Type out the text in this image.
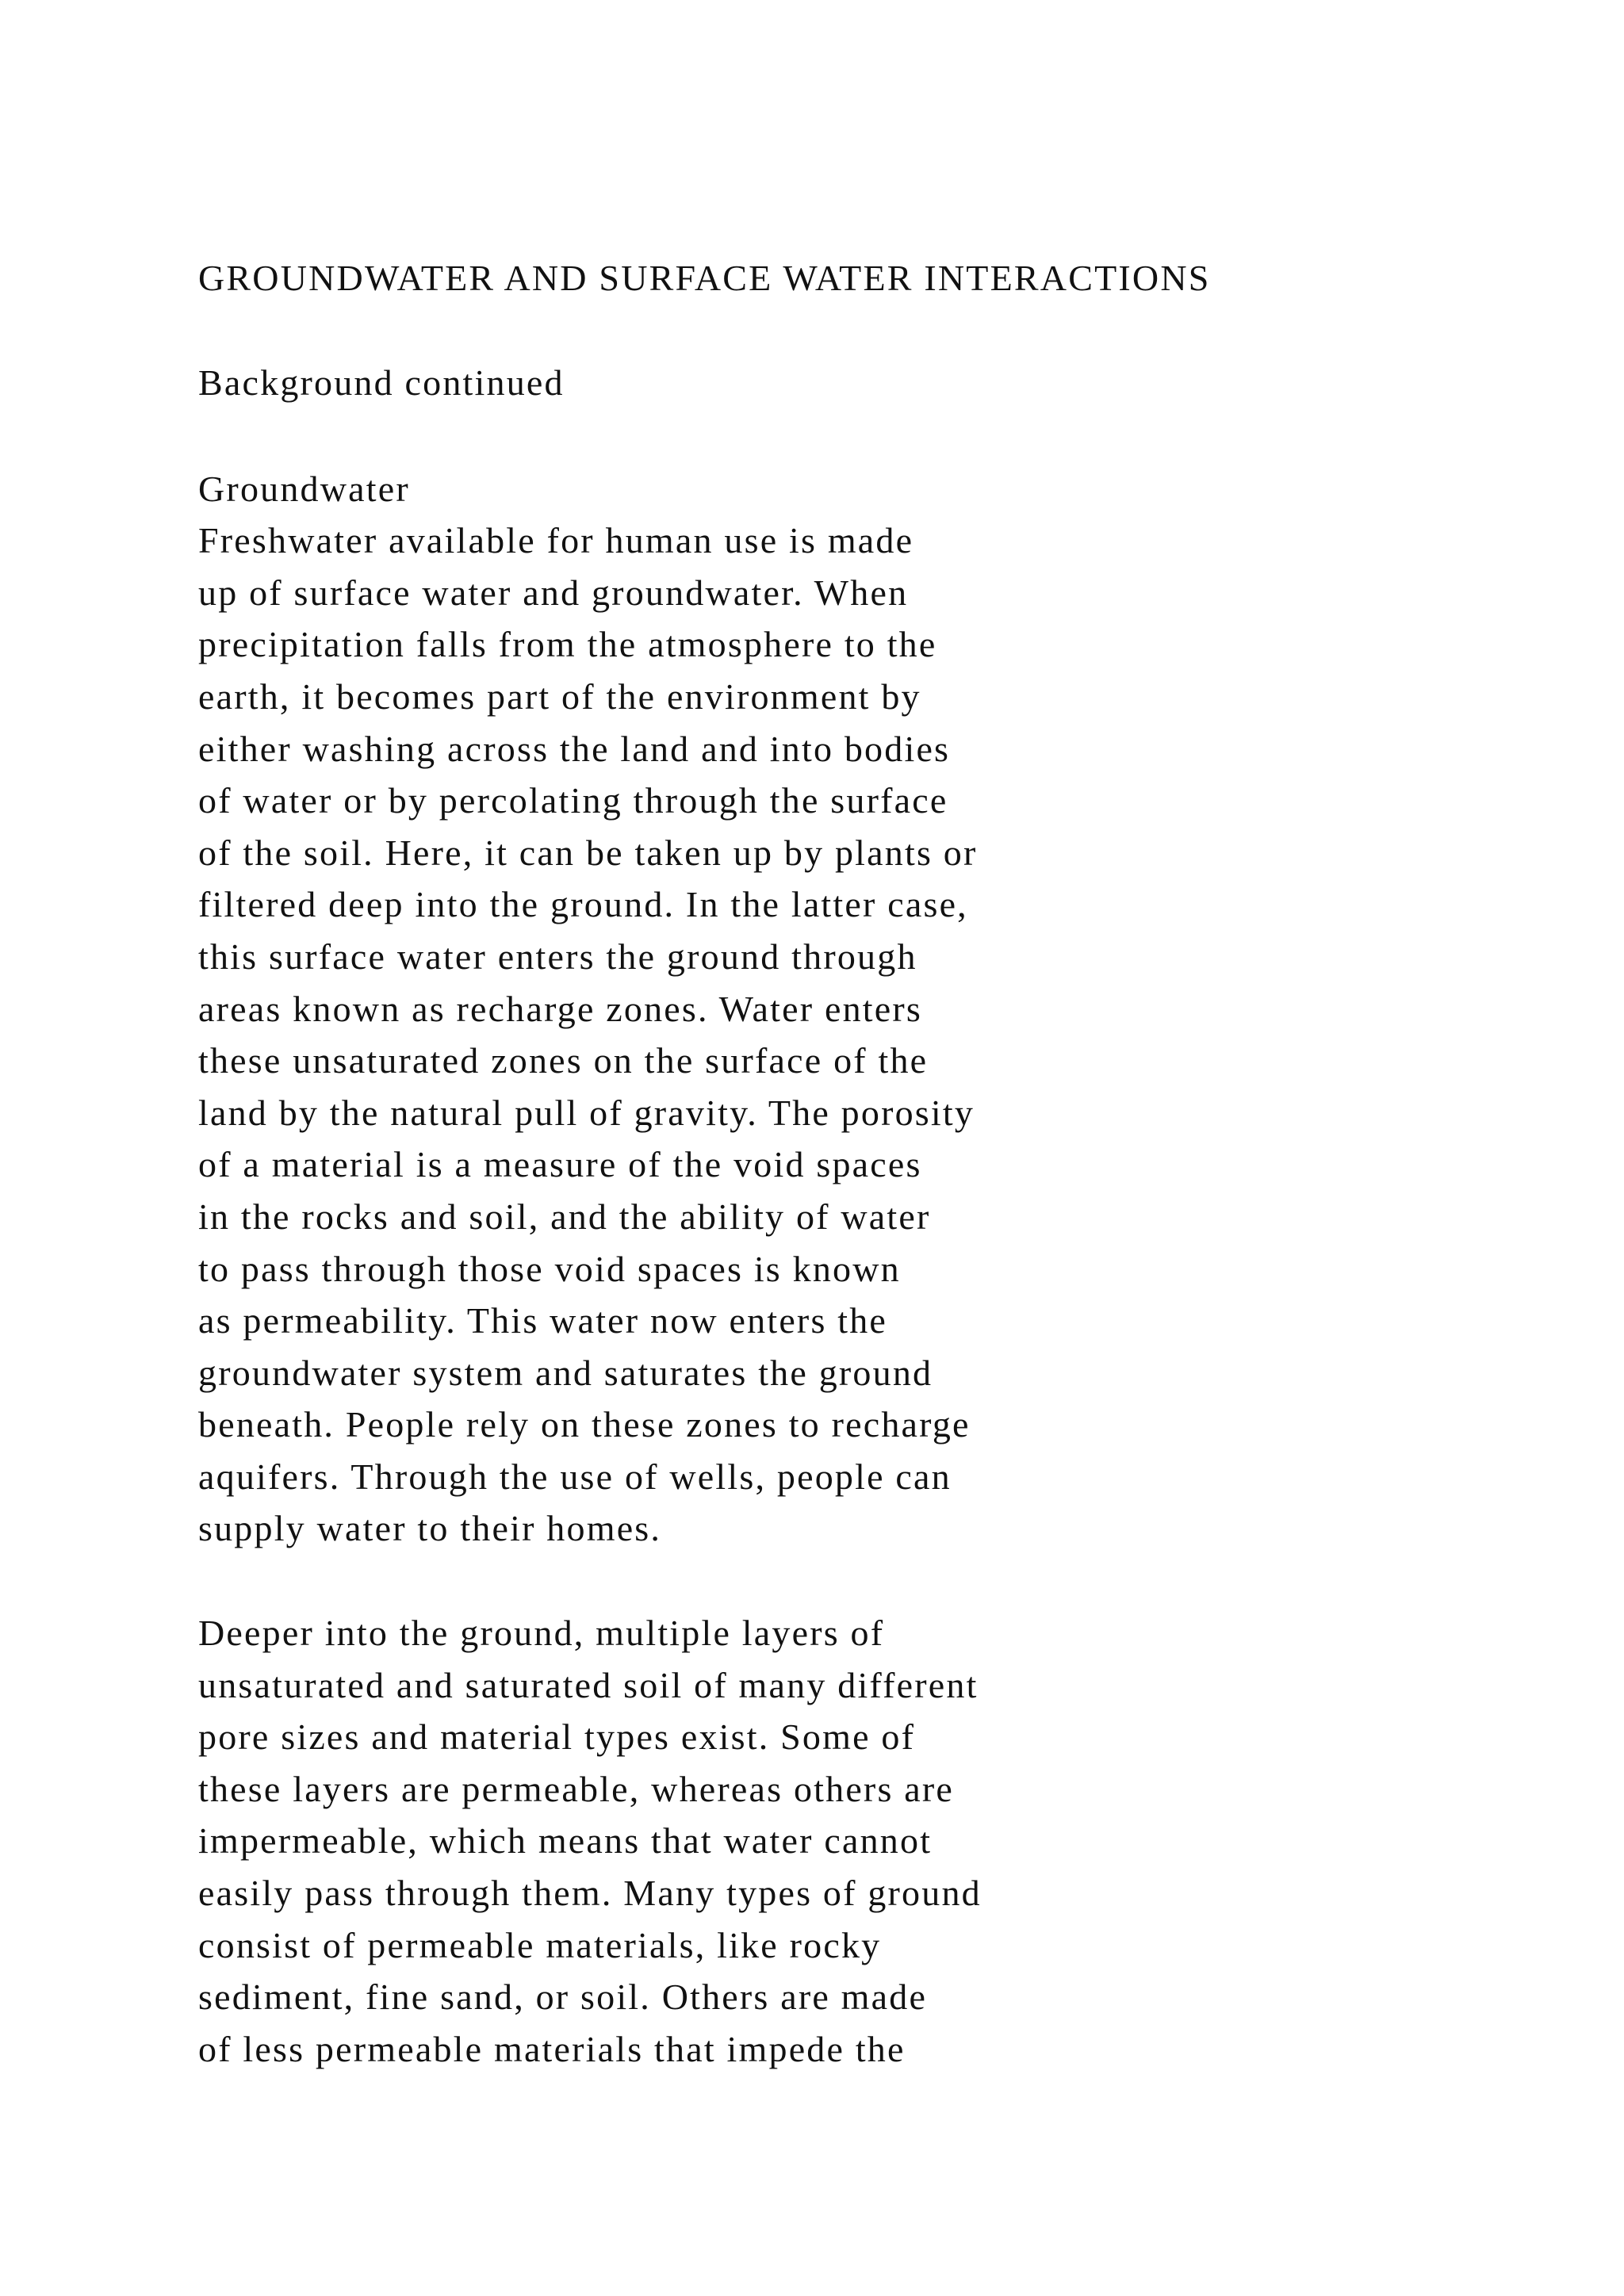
GROUNDWATER AND SURFACE WATER INTERACTIONS
Background continued
Groundwater
Freshwater available for human use is made
up of surface water and groundwater. When
precipitation falls from the atmosphere to the
earth, it becomes part of the environment by
either washing across the land and into bodies
of water or by percolating through the surface
of the soil. Here, it can be taken up by plants or
filtered deep into the ground. In the latter case,
this surface water enters the ground through
areas known as recharge zones. Water enters
these unsaturated zones on the surface of the
land by the natural pull of gravity. The porosity
of a material is a measure of the void spaces
in the rocks and soil, and the ability of water
to pass through those void spaces is known
as permeability. This water now enters the
groundwater system and saturates the ground
beneath. People rely on these zones to recharge
aquifers. Through the use of wells, people can
supply water to their homes.
Deeper into the ground, multiple layers of
unsaturated and saturated soil of many different
pore sizes and material types exist. Some of
these layers are permeable, whereas others are
impermeable, which means that water cannot
easily pass through them. Many types of ground
consist of permeable materials, like rocky
sediment, fine sand, or soil. Others are made
of less permeable materials that impede the
